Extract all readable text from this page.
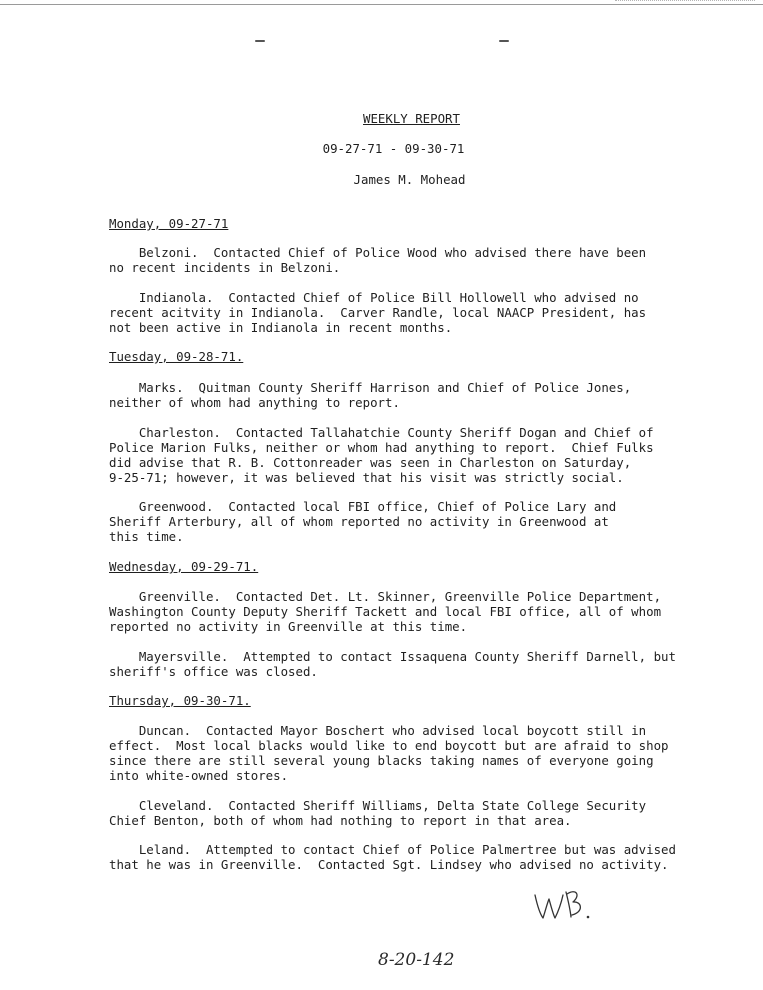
WEEKLY REPORT
09-27-71 - 09-30-71
James M. Mohead
Monday, 09-27-71
Belzoni.  Contacted Chief of Police Wood who advised there have been
no recent incidents in Belzoni.
Indianola.  Contacted Chief of Police Bill Hollowell who advised no
recent acitvity in Indianola.  Carver Randle, local NAACP President, has
not been active in Indianola in recent months.
Tuesday, 09-28-71.
Marks.  Quitman County Sheriff Harrison and Chief of Police Jones,
neither of whom had anything to report.
Charleston.  Contacted Tallahatchie County Sheriff Dogan and Chief of
Police Marion Fulks, neither or whom had anything to report.  Chief Fulks
did advise that R. B. Cottonreader was seen in Charleston on Saturday,
9-25-71; however, it was believed that his visit was strictly social.
Greenwood.  Contacted local FBI office, Chief of Police Lary and
Sheriff Arterbury, all of whom reported no activity in Greenwood at
this time.
Wednesday, 09-29-71.
Greenville.  Contacted Det. Lt. Skinner, Greenville Police Department,
Washington County Deputy Sheriff Tackett and local FBI office, all of whom
reported no activity in Greenville at this time.
Mayersville.  Attempted to contact Issaquena County Sheriff Darnell, but
sheriff's office was closed.
Thursday, 09-30-71.
Duncan.  Contacted Mayor Boschert who advised local boycott still in
effect.  Most local blacks would like to end boycott but are afraid to shop
since there are still several young blacks taking names of everyone going
into white-owned stores.
Cleveland.  Contacted Sheriff Williams, Delta State College Security
Chief Benton, both of whom had nothing to report in that area.
Leland.  Attempted to contact Chief of Police Palmertree but was advised
that he was in Greenville.  Contacted Sgt. Lindsey who advised no activity.
8-20-142
